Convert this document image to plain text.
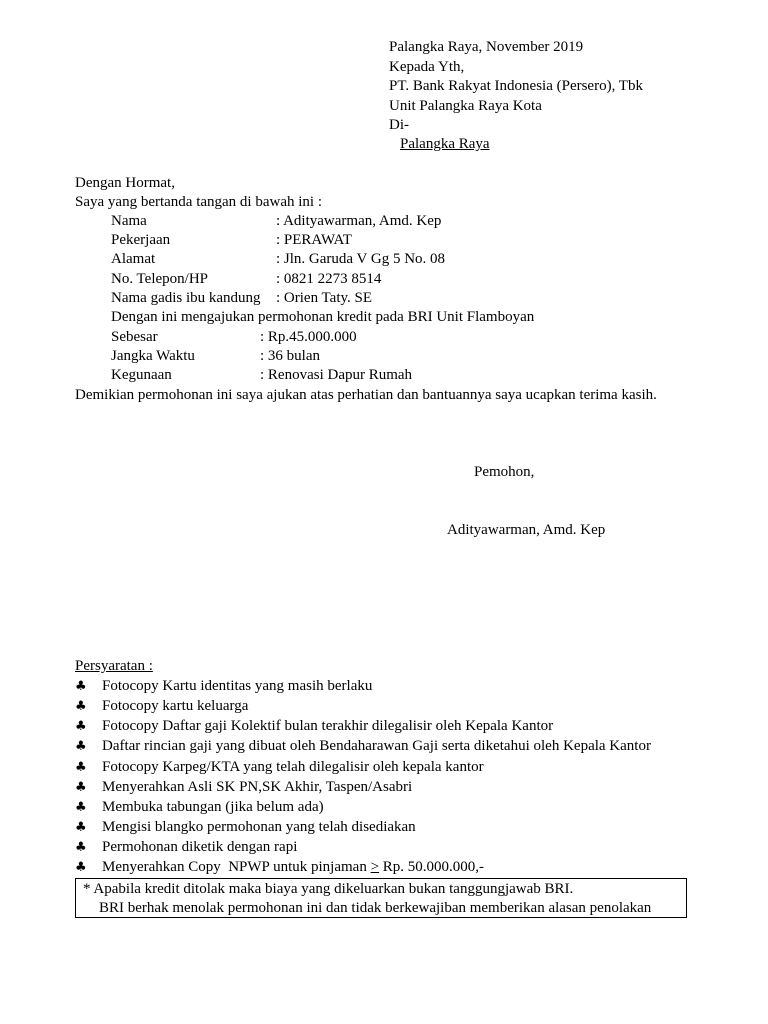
Palangka Raya, November 2019
Kepada Yth,
PT. Bank Rakyat Indonesia (Persero), Tbk
Unit Palangka Raya Kota
Di-
Palangka Raya
Dengan Hormat,
Saya yang bertanda tangan di bawah ini :
Nama	: Adityawarman, Amd. Kep
Pekerjaan	: PERAWAT
Alamat	: Jln. Garuda V Gg 5 No. 08
No. Telepon/HP	: 0821 2273 8514
Nama gadis ibu kandung : Orien Taty. SE
Dengan ini mengajukan permohonan kredit pada BRI Unit Flamboyan
Sebesar	: Rp.45.000.000
Jangka Waktu	: 36 bulan
Kegunaan	: Renovasi Dapur Rumah
Demikian permohonan ini saya ajukan atas perhatian dan bantuannya saya ucapkan terima kasih.
Pemohon,
Adityawarman, Amd. Kep
Persyaratan :
♣ Fotocopy Kartu identitas yang masih berlaku
♣ Fotocopy kartu keluarga
♣ Fotocopy Daftar gaji Kolektif bulan terakhir dilegalisir oleh Kepala Kantor
♣ Daftar rincian gaji yang dibuat oleh Bendaharawan Gaji serta diketahui oleh Kepala Kantor
♣ Fotocopy Karpeg/KTA yang telah dilegalisir oleh kepala kantor
♣ Menyerahkan Asli SK PN,SK Akhir, Taspen/Asabri
♣ Membuka tabungan (jika belum ada)
♣ Mengisi blangko permohonan yang telah disediakan
♣ Permohonan diketik dengan rapi
♣ Menyerahkan Copy  NPWP untuk pinjaman > Rp. 50.000.000,-
* Apabila kredit ditolak maka biaya yang dikeluarkan bukan tanggungjawab BRI.
BRI berhak menolak permohonan ini dan tidak berkewajiban memberikan alasan penolakan
